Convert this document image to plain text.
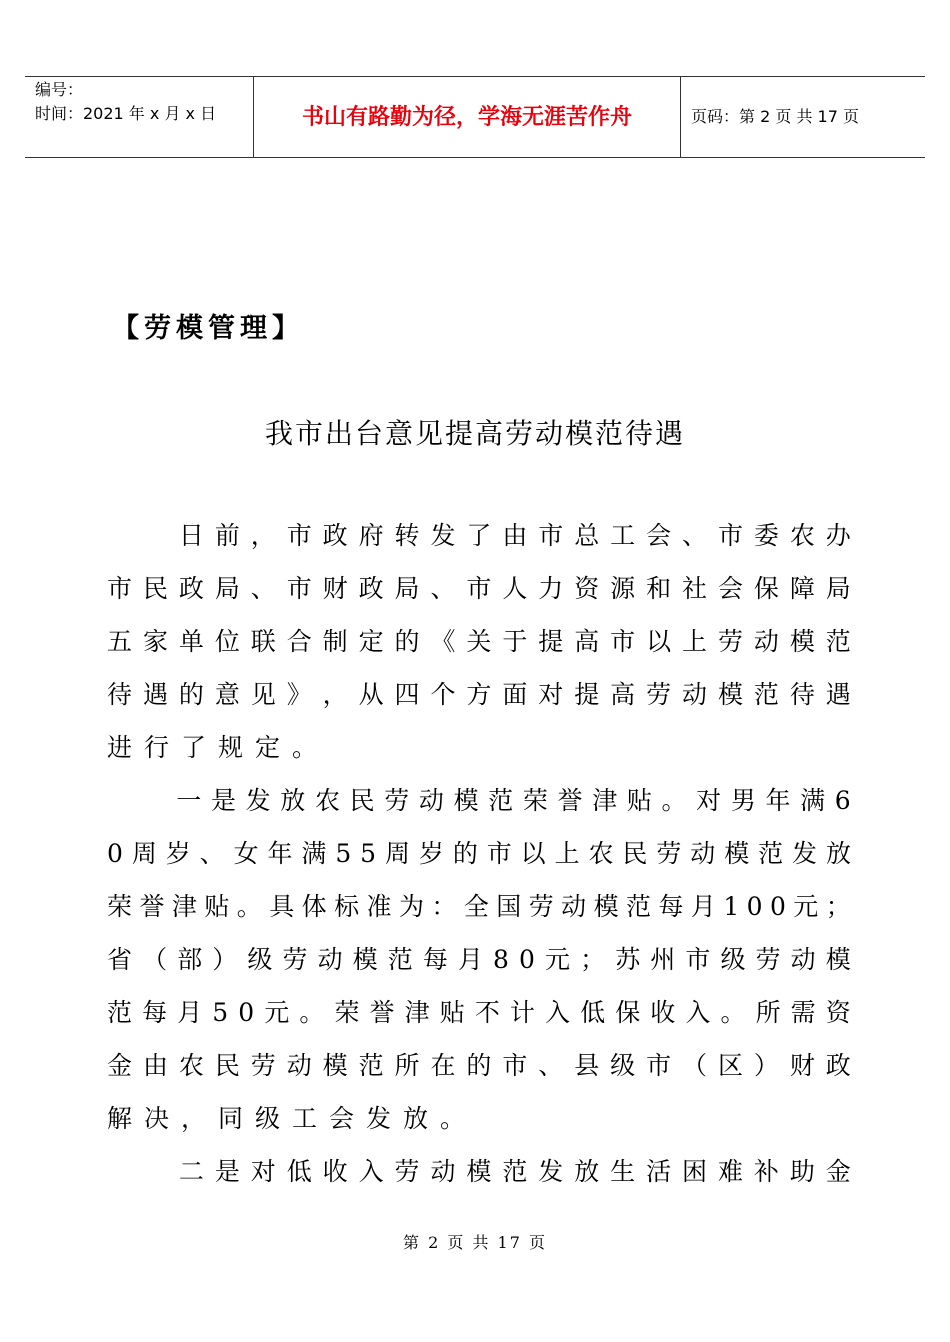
编号：
时间：2021 年 x 月 x 日	书山有路勤为径，学海无涯苦作舟	页码：第 2 页 共 17 页
【劳模管理】
我市出台意见提高劳动模范待遇

日 前 ， 市 政 府 转 发 了 由 市 总 工 会 、 市 委 农 办
市 民 政 局 、 市 财 政 局 、 市 人 力 资 源 和 社 会 保 障 局
五 家 单 位 联 合 制 定 的 《 关 于 提 高 市 以 上 劳 动 模 范
待 遇 的 意 见 》 ， 从 四 个 方 面 对 提 高 劳 动 模 范 待 遇
进行了规定。

一 是 发 放 农 民 劳 动 模 范 荣 誉 津 贴 。 对 男 年 满 6
0 周 岁 、 女 年 满 5 5 周 岁 的 市 以 上 农 民 劳 动 模 范 发 放
荣 誉 津 贴 。 具 体 标 准 为 ： 全 国 劳 动 模 范 每 月 1 0 0 元 ；
省 （ 部 ） 级 劳 动 模 范 每 月 8 0 元 ； 苏 州 市 级 劳 动 模
范 每 月 5 0 元 。 荣 誉 津 贴 不 计 入 低 保 收 入 。 所 需 资
金 由 农 民 劳 动 模 范 所 在 的 市 、 县 级 市 （ 区 ） 财 政
解决，同级工会发放。

二 是 对 低 收 入 劳 动 模 范 发 放 生 活 困 难 补 助 金
第 2 页 共 17 页
